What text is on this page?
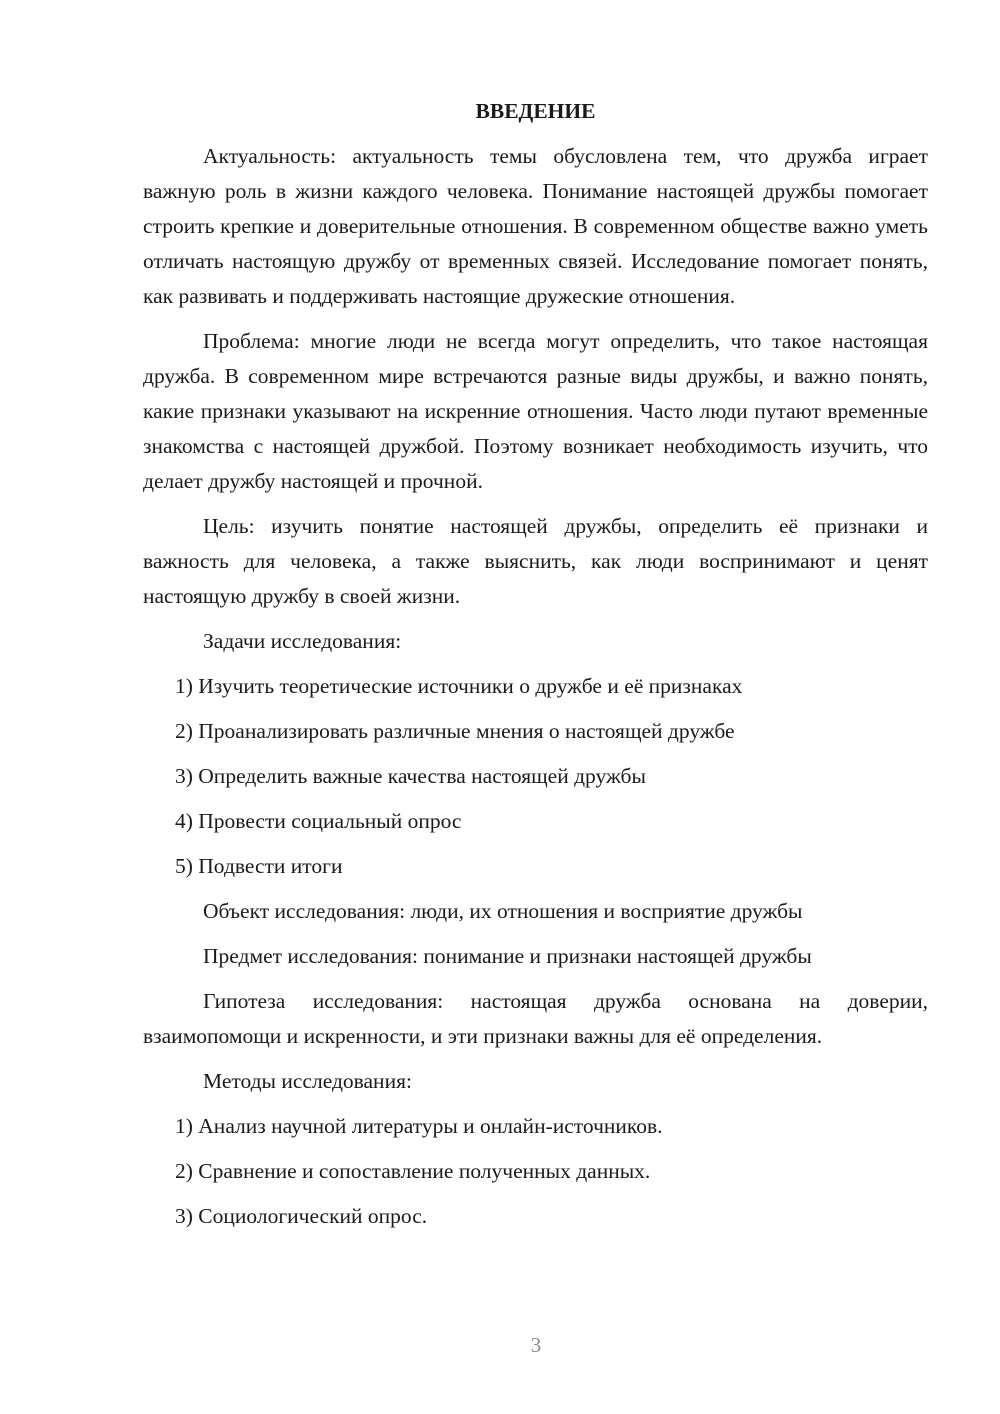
ВВЕДЕНИЕ

Актуальность: актуальность темы обусловлена тем, что дружба играет важную роль в жизни каждого человека. Понимание настоящей дружбы помогает строить крепкие и доверительные отношения. В современном обществе важно уметь отличать настоящую дружбу от временных связей. Исследование помогает понять, как развивать и поддерживать настоящие дружеские отношения.

Проблема: многие люди не всегда могут определить, что такое настоящая дружба. В современном мире встречаются разные виды дружбы, и важно понять, какие признаки указывают на искренние отношения. Часто люди путают временные знакомства с настоящей дружбой. Поэтому возникает необходимость изучить, что делает дружбу настоящей и прочной.

Цель: изучить понятие настоящей дружбы, определить её признаки и важность для человека, а также выяснить, как люди воспринимают и ценят настоящую дружбу в своей жизни.

Задачи исследования:

1) Изучить теоретические источники о дружбе и её признаках

2) Проанализировать различные мнения о настоящей дружбе

3) Определить важные качества настоящей дружбы

4) Провести социальный опрос

5) Подвести итоги

Объект исследования: люди, их отношения и восприятие дружбы

Предмет исследования: понимание и признаки настоящей дружбы

Гипотеза исследования: настоящая дружба основана на доверии, взаимопомощи и искренности, и эти признаки важны для её определения.

Методы исследования:

1) Анализ научной литературы и онлайн-источников.

2) Сравнение и сопоставление полученных данных.

3) Социологический опрос.

3
